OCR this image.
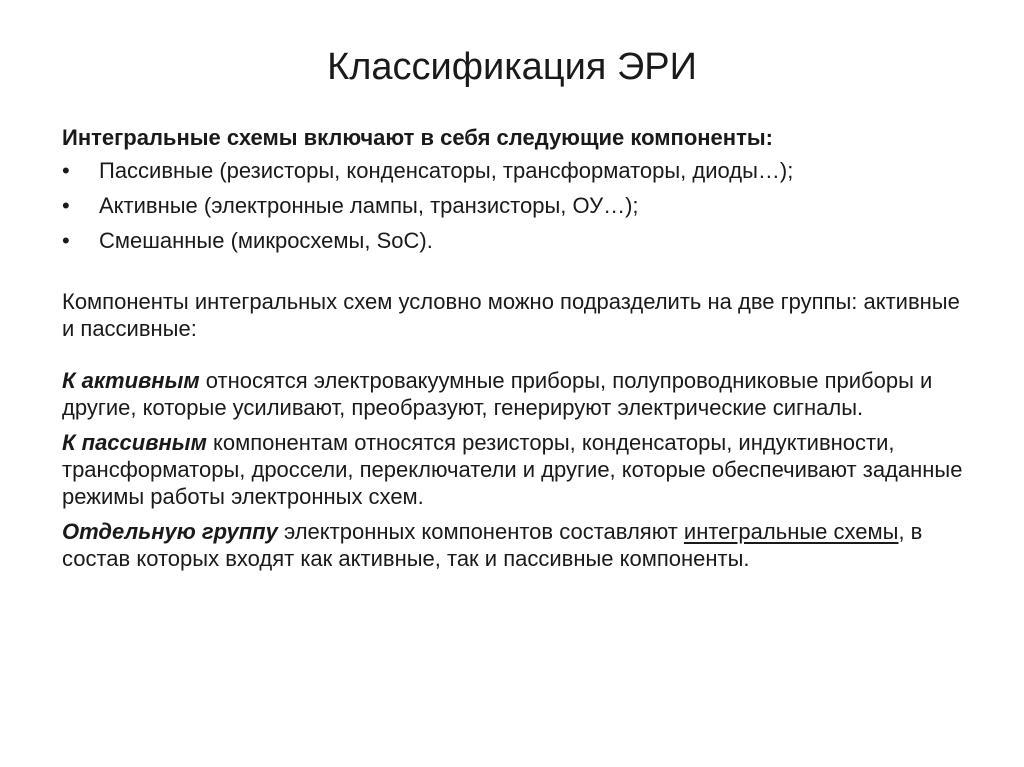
Классификация ЭРИ

Интегральные схемы включают в себя следующие компоненты:

• Пассивные (резисторы, конденсаторы, трансформаторы, диоды…);
• Активные (электронные лампы, транзисторы, ОУ…);
• Смешанные (микросхемы, SoC).

Компоненты интегральных схем условно можно подразделить на две группы: активные и пассивные:

К активным относятся электровакуумные приборы, полупроводниковые приборы и другие, которые усиливают, преобразуют, генерируют электрические сигналы.

К пассивным компонентам относятся резисторы, конденсаторы, индуктивности, трансформаторы, дроссели, переключатели и другие, которые обеспечивают заданные режимы работы электронных схем.

Отдельную группу электронных компонентов составляют интегральные схемы, в состав которых входят как активные, так и пассивные компоненты.
